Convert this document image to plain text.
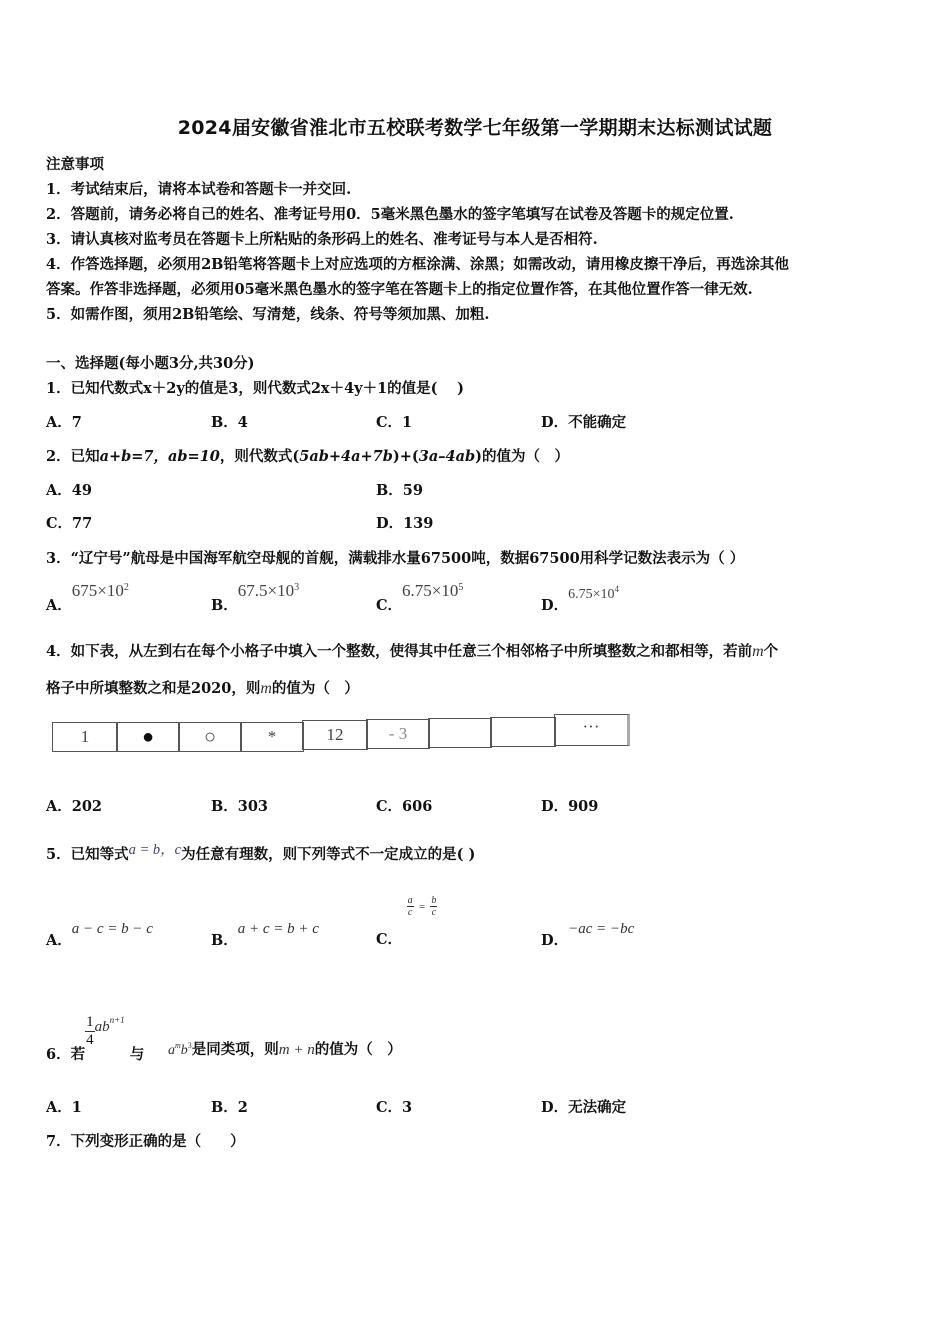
2024届安徽省淮北市五校联考数学七年级第一学期期末达标测试试题
注意事项
1．考试结束后，请将本试卷和答题卡一并交回.
2．答题前，请务必将自己的姓名、准考证号用0．5毫米黑色墨水的签字笔填写在试卷及答题卡的规定位置.
3．请认真核对监考员在答题卡上所粘贴的条形码上的姓名、准考证号与本人是否相符.
4．作答选择题，必须用2B铅笔将答题卡上对应选项的方框涂满、涂黑；如需改动，请用橡皮擦干净后，再选涂其他
答案。作答非选择题，必须用05毫米黑色墨水的签字笔在答题卡上的指定位置作答，在其他位置作答一律无效.
5．如需作图，须用2B铅笔绘、写清楚，线条、符号等须加黑、加粗.
一、选择题(每小题3分,共30分)
1．已知代数式x＋2y的值是3，则代数式2x＋4y＋1的值是(　 )
A．7	B．4	C．1	D．不能确定
2．已知a+b=7，ab=10，则代数式(5ab+4a+7b)+(3a–4ab)的值为（　）
A．49	B．59
C．77	D．139
3．“辽宁号”航母是中国海军航空母舰的首舰，满载排水量67500吨，数据67500用科学记数法表示为（ ）
A．$675\times 10^2$
B．$67.5\times 10^3$
C．$6.75\times 10^5$
D．$6.75\times 10^4$
4．如下表，从左到右在每个小格子中填入一个整数，使得其中任意三个相邻格子中所填整数之和都相等，若前m个
格子中所填整数之和是2020，则m的值为（　）
1	●	○	*	12	- 3	···
A．202	B．303	C．606	D．909
5．已知等式a = b，c为任意有理数，则下列等式不一定成立的是( )
A．a − c = b − c
B．a + c = b + c
C．
$\frac{a}{c} ^= \frac{b}{c}$
D．−ac = −bc
6．若
$\frac{1}{4} ab^{n+1}$ 与 $a^mb^3$是同类项，则m + n的值为（　）
A．1	B．2	C．3	D．无法确定
7．下列变形正确的是（　　）
